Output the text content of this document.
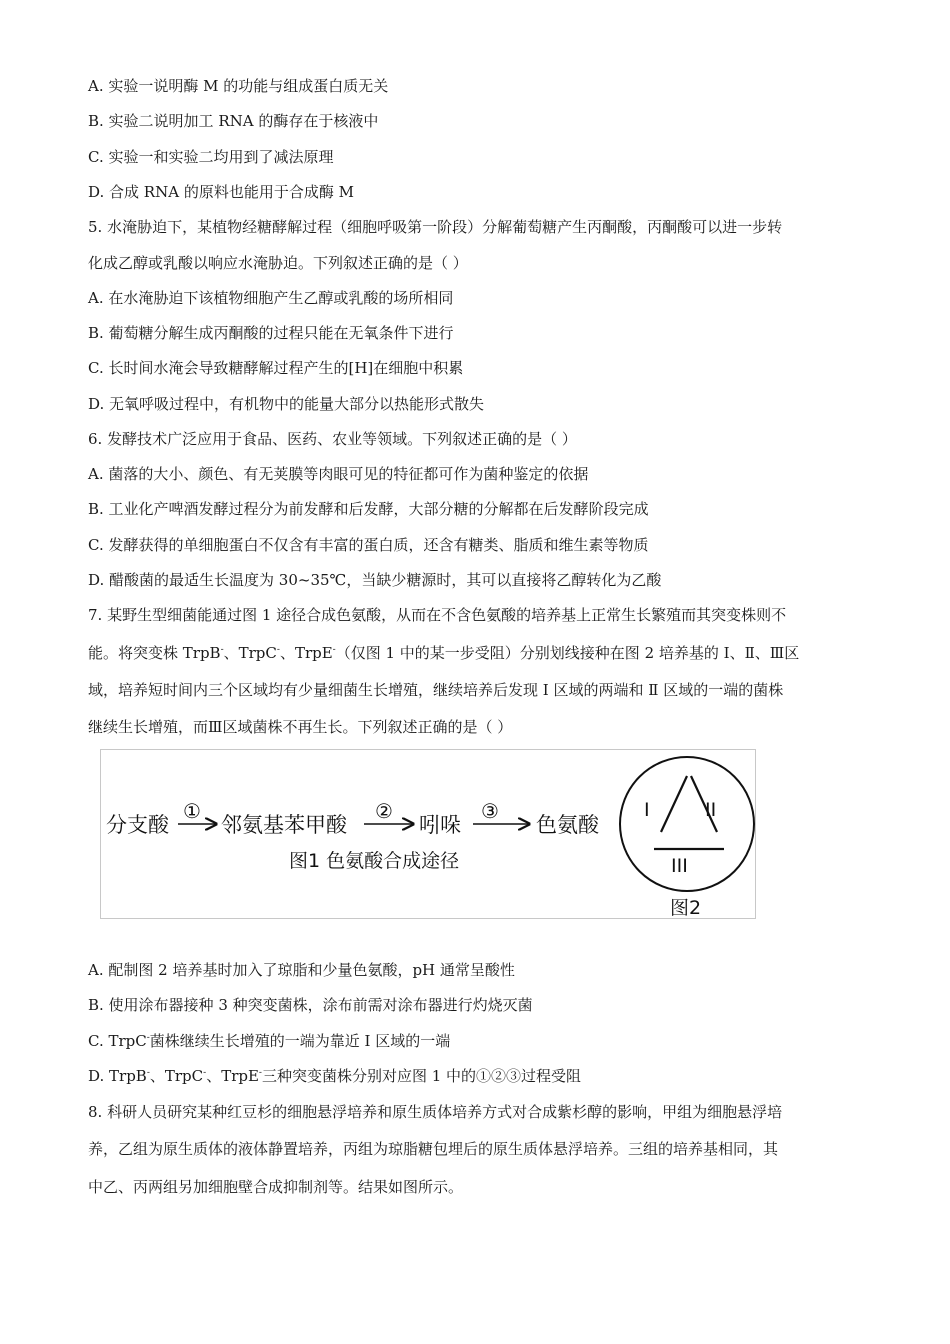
A. 实验一说明酶 M 的功能与组成蛋白质无关
B. 实验二说明加工 RNA 的酶存在于核液中
C. 实验一和实验二均用到了减法原理
D. 合成 RNA 的原料也能用于合成酶 M
5. 水淹胁迫下，某植物经糖酵解过程（细胞呼吸第一阶段）分解葡萄糖产生丙酮酸，丙酮酸可以进一步转
化成乙醇或乳酸以响应水淹胁迫。下列叙述正确的是（ ）
A. 在水淹胁迫下该植物细胞产生乙醇或乳酸的场所相同
B. 葡萄糖分解生成丙酮酸的过程只能在无氧条件下进行
C. 长时间水淹会导致糖酵解过程产生的[H]在细胞中积累
D. 无氧呼吸过程中，有机物中的能量大部分以热能形式散失
6. 发酵技术广泛应用于食品、医药、农业等领域。下列叙述正确的是（ ）
A. 菌落的大小、颜色、有无荚膜等肉眼可见的特征都可作为菌种鉴定的依据
B. 工业化产啤酒发酵过程分为前发酵和后发酵，大部分糖的分解都在后发酵阶段完成
C. 发酵获得的单细胞蛋白不仅含有丰富的蛋白质，还含有糖类、脂质和维生素等物质
D. 醋酸菌的最适生长温度为 30~35℃，当缺少糖源时，其可以直接将乙醇转化为乙酸
7. 某野生型细菌能通过图 1 途径合成色氨酸，从而在不含色氨酸的培养基上正常生长繁殖而其突变株则不
能。将突变株 TrpB-、TrpC-、TrpE-（仅图 1 中的某一步受阻）分别划线接种在图 2 培养基的 Ⅰ、Ⅱ、Ⅲ区
域，培养短时间内三个区域均有少量细菌生长增殖，继续培养后发现 Ⅰ 区域的两端和 Ⅱ 区域的一端的菌株
继续生长增殖，而Ⅲ区域菌株不再生长。下列叙述正确的是（ ）
分支酸
①
邻氨基苯甲酸
②
吲哚
③
色氨酸
图1 色氨酸合成途径
I	II
III
图2
A. 配制图 2 培养基时加入了琼脂和少量色氨酸，pH 通常呈酸性
B. 使用涂布器接种 3 种突变菌株，涂布前需对涂布器进行灼烧灭菌
C. TrpC-菌株继续生长增殖的一端为靠近 Ⅰ 区域的一端
D. TrpB-、TrpC-、TrpE-三种突变菌株分别对应图 1 中的①②③过程受阻
8. 科研人员研究某种红豆杉的细胞悬浮培养和原生质体培养方式对合成紫杉醇的影响，甲组为细胞悬浮培
养，乙组为原生质体的液体静置培养，丙组为琼脂糖包埋后的原生质体悬浮培养。三组的培养基相同，其
中乙、丙两组另加细胞壁合成抑制剂等。结果如图所示。
